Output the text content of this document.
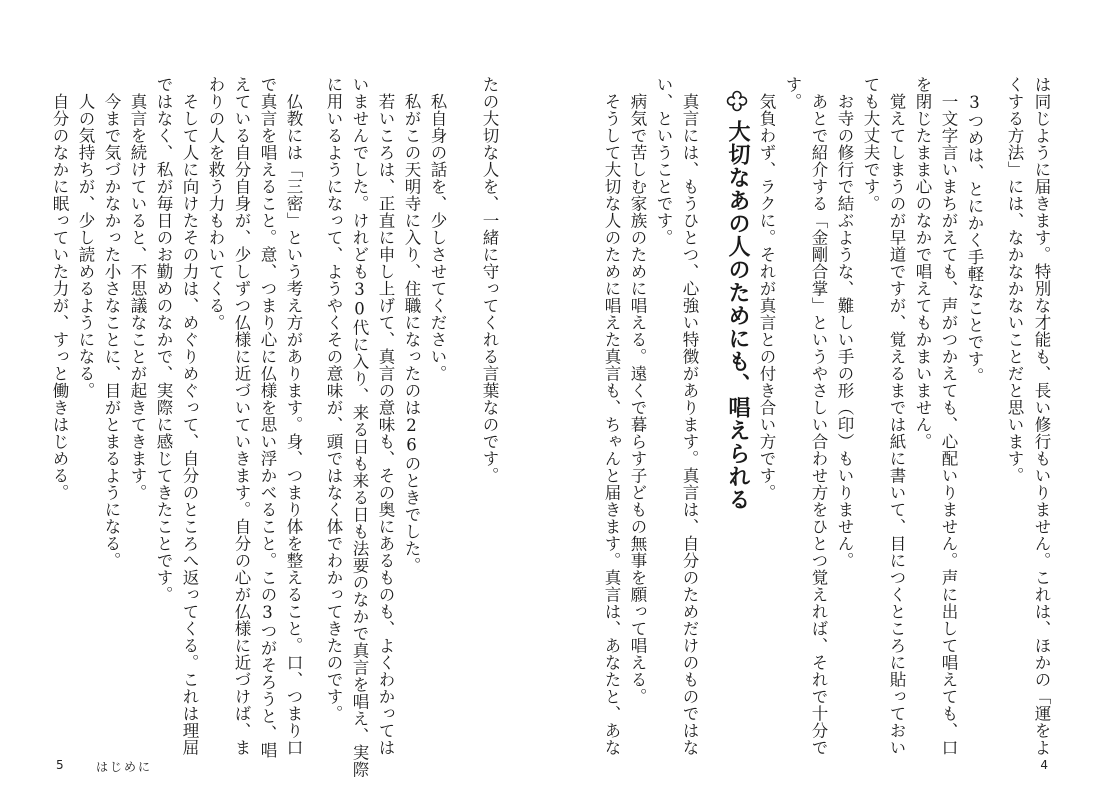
は同じように届きます。特別な才能も、長い修行もいりません。これは、ほかの「運をよ
くする方法」には、なかなかないことだと思います。
　3つめは、とにかく手軽なことです。
　一文字言いまちがえても、声がつかえても、心配いりません。声に出して唱えても、口
を閉じたまま心のなかで唱えてもかまいません。
　覚えてしまうのが早道ですが、覚えるまでは紙に書いて、目につくところに貼っておい
ても大丈夫です。
　お寺の修行で結ぶような、難しい手の形（印）もいりません。
　あとで紹介する「金剛合掌」というやさしい合わせ方をひとつ覚えれば、それで十分で
す。
　気負わず、ラクに。それが真言との付き合い方です。
大切なあの人のためにも、唱えられる
　真言には、もうひとつ、心強い特徴があります。真言は、自分のためだけのものではな
い、ということです。
　病気で苦しむ家族のために唱える。遠くで暮らす子どもの無事を願って唱える。
　そうして大切な人のために唱えた真言も、ちゃんと届きます。真言は、あなたと、あな
4
たの大切な人を、一緒に守ってくれる言葉なのです。
　私自身の話を、少しさせてください。
　私がこの天明寺に入り、住職になったのは26のときでした。
　若いころは、正直に申し上げて、真言の意味も、その奥にあるものも、よくわかっては
いませんでした。けれども30代に入り、来る日も来る日も法要のなかで真言を唱え、実際
に用いるようになって、ようやくその意味が、頭ではなく体でわかってきたのです。
　仏教には「三密」という考え方があります。身、つまり体を整えること。口、つまり口
で真言を唱えること。意、つまり心に仏様を思い浮かべること。この3つがそろうと、唱
えている自分自身が、少しずつ仏様に近づいていきます。自分の心が仏様に近づけば、ま
わりの人を救う力もわいてくる。
　そして人に向けたその力は、めぐりめぐって、自分のところへ返ってくる。これは理屈
ではなく、私が毎日のお勤めのなかで、実際に感じてきたことです。
　真言を続けていると、不思議なことが起きてきます。
　今まで気づかなかった小さなことに、目がとまるようになる。
　人の気持ちが、少し読めるようになる。
　自分のなかに眠っていた力が、すっと働きはじめる。
5	はじめに
